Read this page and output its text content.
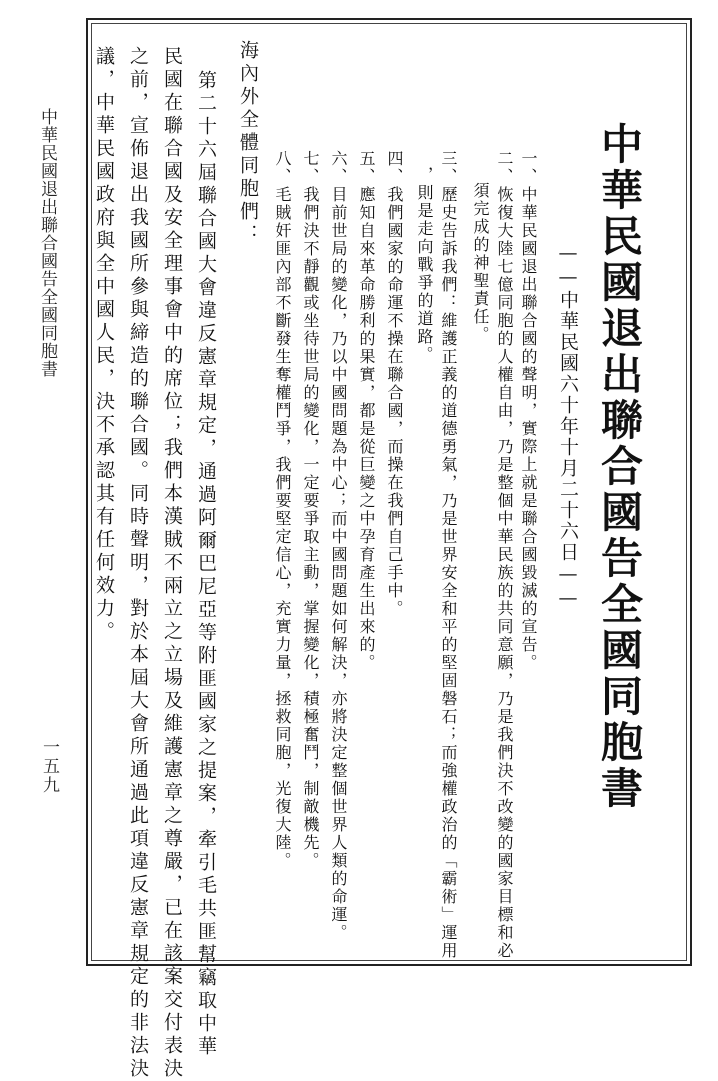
中華民國退出聯合國告全國同胞書
一五九	中華民國退出聯合國告全國同胞書
——中華民國六十年十月二十六日——
一、中華民國退出聯合國的聲明，實際上就是聯合國毀滅的宣告。
二、恢復大陸七億同胞的人權自由，乃是整個中華民族的共同意願，乃是我們決不改變的國家目標和必
須完成的神聖責任。
三、歷史告訴我們：維護正義的道德勇氣，乃是世界安全和平的堅固磐石；而強權政治的「霸術」運用
，則是走向戰爭的道路。
四、我們國家的命運不操在聯合國，而操在我們自己手中。
五、應知自來革命勝利的果實，都是從巨變之中孕育產生出來的。
六、目前世局的變化，乃以中國問題為中心；而中國問題如何解決，亦將決定整個世界人類的命運。
七、我們決不靜觀或坐待世局的變化，一定要爭取主動，掌握變化，積極奮鬥，制敵機先。
八、毛賊奸匪內部不斷發生奪權鬥爭，我們要堅定信心，充實力量，拯救同胞，光復大陸。
海內外全體同胞們：
第二十六屆聯合國大會違反憲章規定，通過阿爾巴尼亞等附匪國家之提案，牽引毛共匪幫竊取中華
民國在聯合國及安全理事會中的席位；我們本漢賊不兩立之立場及維護憲章之尊嚴，已在該案交付表決
之前，宣佈退出我國所參與締造的聯合國。同時聲明，對於本屆大會所通過此項違反憲章規定的非法決
議，中華民國政府與全中國人民，決不承認其有任何效力。
